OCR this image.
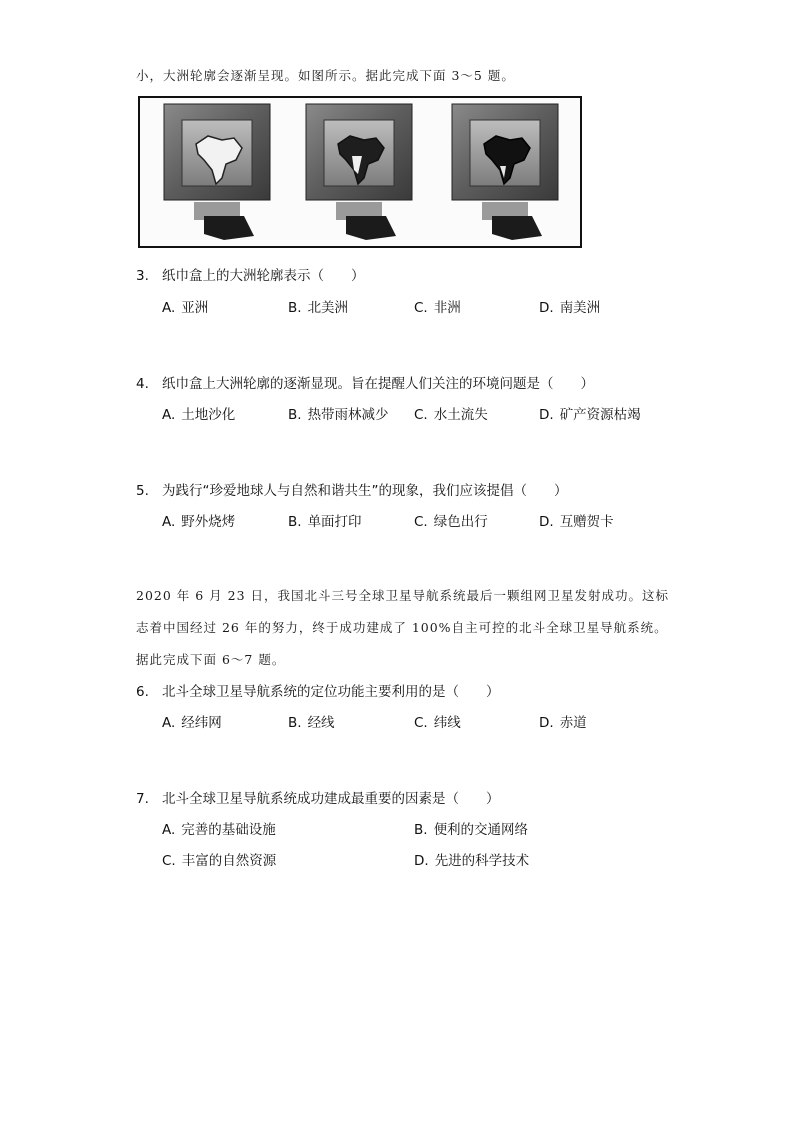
小，大洲轮廓会逐渐呈现。如图所示。据此完成下面 3～5 题。
3. 纸巾盒上的大洲轮廓表示（　　）
A. 亚洲	B. 北美洲	C. 非洲	D. 南美洲
4. 纸巾盒上大洲轮廓的逐渐显现。旨在提醒人们关注的环境问题是（　　）
A. 土地沙化	B. 热带雨林减少 C. 水土流失	D. 矿产资源枯竭
5. 为践行“珍爱地球人与自然和谐共生”的现象，我们应该提倡（　　）
A. 野外烧烤	B. 单面打印	C. 绿色出行	D. 互赠贺卡
2020 年 6 月 23 日，我国北斗三号全球卫星导航系统最后一颗组网卫星发射成功。这标
志着中国经过 26 年的努力，终于成功建成了 100%自主可控的北斗全球卫星导航系统。
据此完成下面 6～7 题。
6. 北斗全球卫星导航系统的定位功能主要利用的是（　　）
A. 经纬网	B. 经线	C. 纬线	D. 赤道
7. 北斗全球卫星导航系统成功建成最重要的因素是（　　）
A. 完善的基础设施	B. 便利的交通网络
C. 丰富的自然资源	D. 先进的科学技术
